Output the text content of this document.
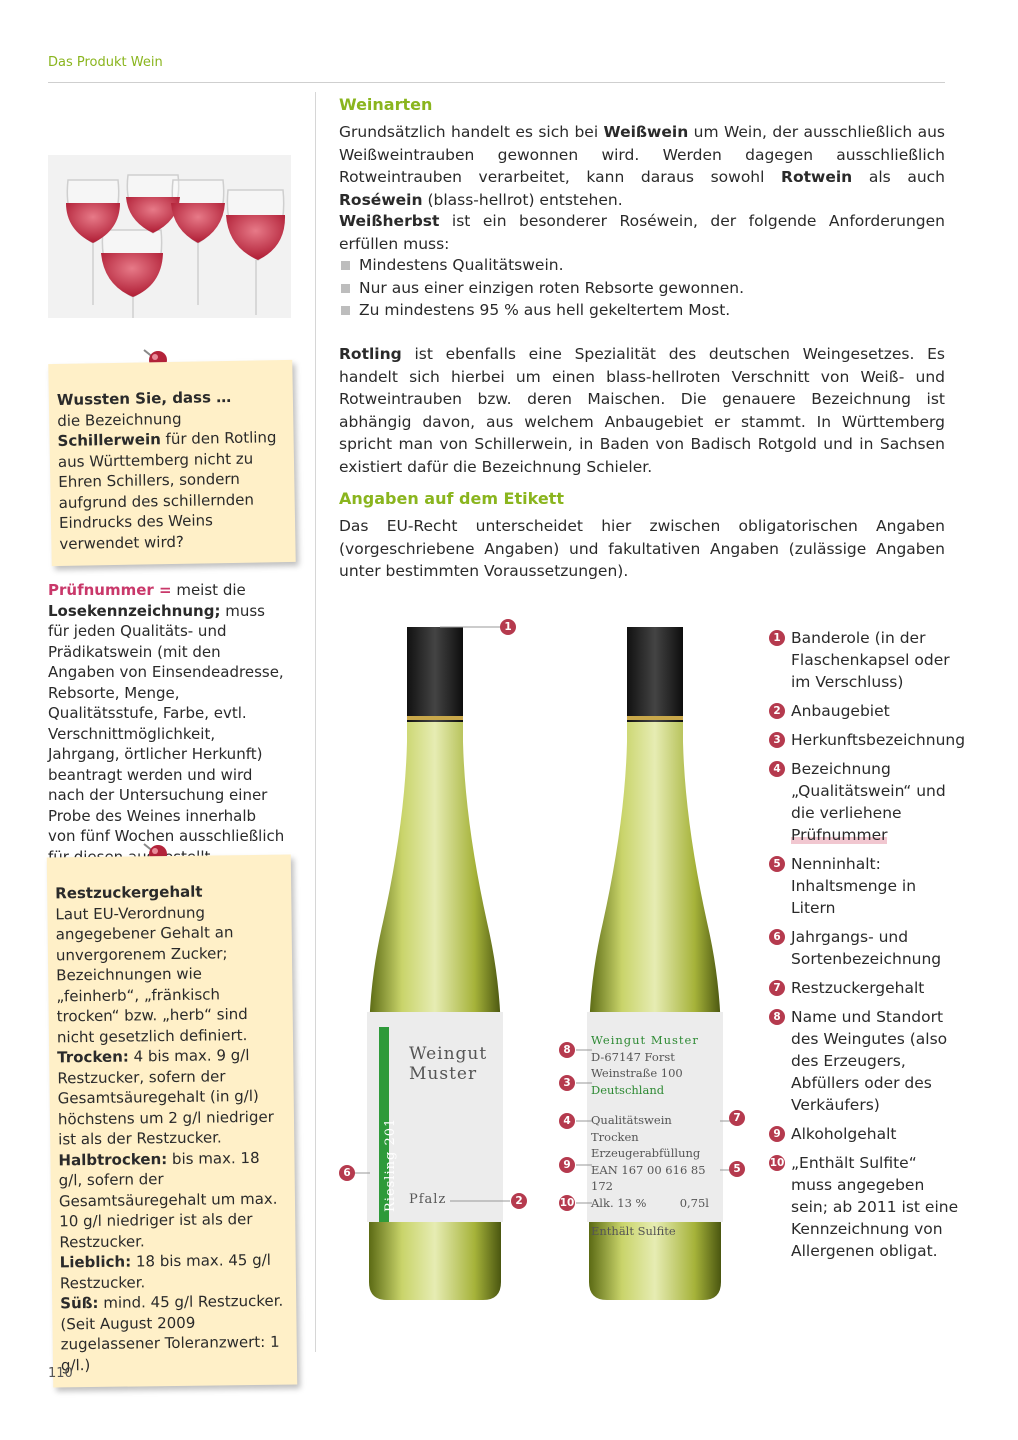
Das Produkt Wein
Wussten Sie, dass …
die Bezeichnung Schillerwein für den Rotling aus Württemberg nicht zu Ehren Schillers, sondern aufgrund des schillernden Eindrucks des Weins verwendet wird?
Prüfnummer = meist die Losekennzeichnung; muss für jeden Qualitäts- und Prädikatswein (mit den Angaben von Einsendeadresse, Rebsorte, Menge, Qualitätsstufe, Farbe, evtl. Verschnittmöglichkeit, Jahrgang, örtlicher Herkunft) beantragt werden und wird nach der Untersuchung einer Probe des Weines innerhalb von fünf Wochen ausschließlich
Restzuckergehalt
Laut EU-Verordnung angegebener Gehalt an unvergorenem Zucker; Bezeichnungen wie „feinherb“, „fränkisch trocken“ bzw. „herb“ sind nicht gesetzlich definiert.
Trocken: 4 bis max. 9 g/l Restzucker, sofern der Gesamtsäuregehalt (in g/l) höchstens um 2 g/l niedriger ist als der Restzucker.
Halbtrocken: bis max. 18 g/l, sofern der Gesamtsäuregehalt um max. 10 g/l niedriger ist als der Restzucker.
Lieblich: 18 bis max. 45 g/l Restzucker.
Süß: mind. 45 g/l Restzucker. (Seit August 2009 zugelassener Toleranzwert: 1 g/l.)
110
Weinarten
Grundsätzlich handelt es sich bei Weißwein um Wein, der ausschließlich aus Weißweintrauben gewonnen wird. Werden dagegen ausschließlich Rotweintrauben verarbeitet, kann daraus sowohl Rotwein als auch Roséwein (blass-hellrot) entstehen.
Weißherbst ist ein besonderer Roséwein, der folgende Anforderungen erfüllen muss:
Mindestens Qualitätswein.
Nur aus einer einzigen roten Rebsorte gewonnen.
Zu mindestens 95 % aus hell gekeltertem Most.
Rotling ist ebenfalls eine Spezialität des deutschen Weingesetzes. Es handelt sich hierbei um einen blass-hellroten Verschnitt von Weiß- und Rotweintrauben bzw. deren Maischen. Die genauere Bezeichnung ist abhängig davon, aus welchem Anbaugebiet er stammt. In Württemberg spricht man von Schillerwein, in Baden von Badisch Rotgold und in Sachsen existiert dafür die Bezeichnung Schieler.
Angaben auf dem Etikett
Das EU-Recht unterscheidet hier zwischen obligatorischen Angaben (vorgeschriebene Angaben) und fakultativen Angaben (zulässige Angaben unter bestimmten Voraussetzungen).
Weingut
Muster
Riesling 201 Pfalz
Weingut Muster
D-67147 Forst
Weinstraße 100
Deutschland
Qualitätswein Trocken
Erzeugerabfüllung
EAN 167 00 616 85 172
Alk. 13 %	0,75l
Enthält Sulfite
1
2
3
4
5
6
7
8
9
10
1 Banderole (in der Flaschenkapsel oder im Verschluss)
2 Anbaugebiet
3 Herkunftsbezeichnung
4 Bezeichnung „Qualitätswein“ und die verliehene Prüfnummer
5 Nenninhalt: Inhaltsmenge in Litern
6 Jahrgangs- und Sortenbezeichnung
7 Restzuckergehalt
8 Name und Standort des Weingutes (also des Erzeugers, Abfüllers oder des Verkäufers)
9 Alkoholgehalt
10 „Enthält Sulfite“ muss angegeben sein; ab 2011 ist eine Kennzeichnung von Allergenen obligat.
